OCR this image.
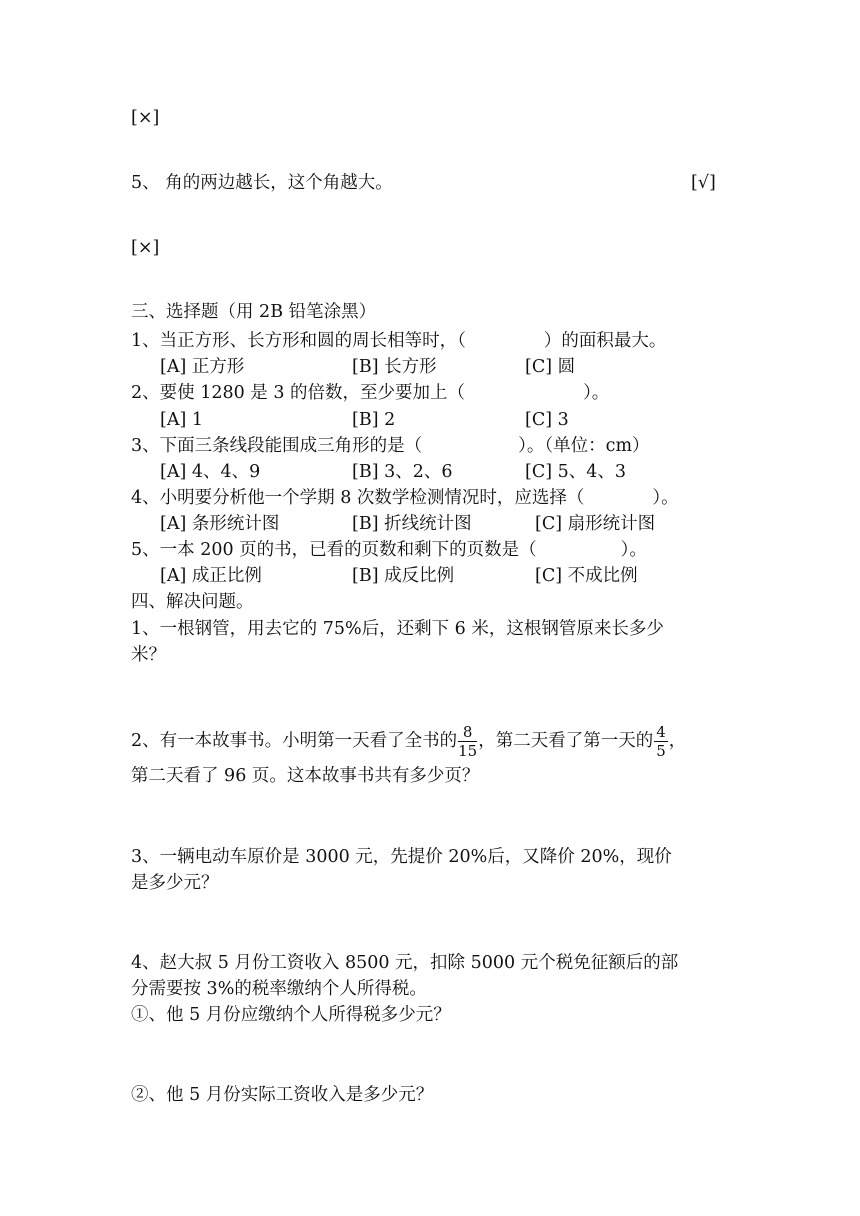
[×]
5、 角的两边越长，这个角越大。	[√]
[×]
三、选择题（用 2B 铅笔涂黑）
1、当正方形、长方形和圆的周长相等时，（	）的面积最大。
[A] 正方形	[B] 长方形	[C] 圆
2、要使 1280 是 3 的倍数，至少要加上（	）。
[A] 1	[B] 2	[C] 3
3、下面三条线段能围成三角形的是（	）。（单位：cm）
[A] 4、4、9	[B] 3、2、6	[C] 5、4、3
4、小明要分析他一个学期 8 次数学检测情况时，应选择（	）。
[A] 条形统计图	[B] 折线统计图	[C] 扇形统计图
5、一本 200 页的书，已看的页数和剩下的页数是（	）。
[A] 成正比例	[B] 成反比例	[C] 不成比例
四、解决问题。
1、一根钢管，用去它的 75%后，还剩下 6 米，这根钢管原来长多少
米？
2、有一本故事书。小明第一天看了全书的 $\frac{8}{15}$ ，第二天看了第一天的 $\frac{4}{5}$ ，
第二天看了 96 页。这本故事书共有多少页？
3、一辆电动车原价是 3000 元，先提价 20%后，又降价 20%，现价
是多少元？
4、赵大叔 5 月份工资收入 8500 元，扣除 5000 元个税免征额后的部
分需要按 3%的税率缴纳个人所得税。
①、他 5 月份应缴纳个人所得税多少元？
②、他 5 月份实际工资收入是多少元？
